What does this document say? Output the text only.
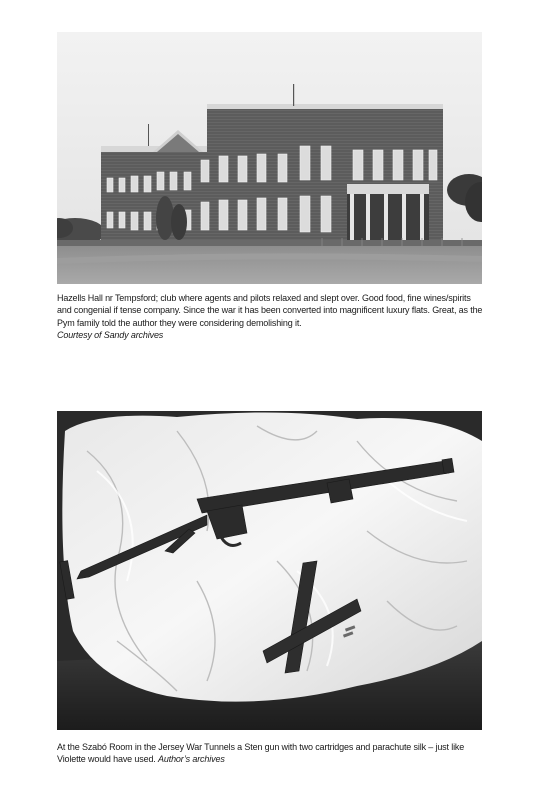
Hazells Hall nr Tempsford; club where agents and pilots relaxed and slept over. Good food, fine wines/spirits and congenial if tense company. Since the war it has been converted into magnificent luxury flats. Great, as the Pym family told the author they were considering demolishing it.
Courtesy of Sandy archives
At the Szabó Room in the Jersey War Tunnels a Sten gun with two cartridges and parachute silk – just like Violette would have used. Author’s archives
